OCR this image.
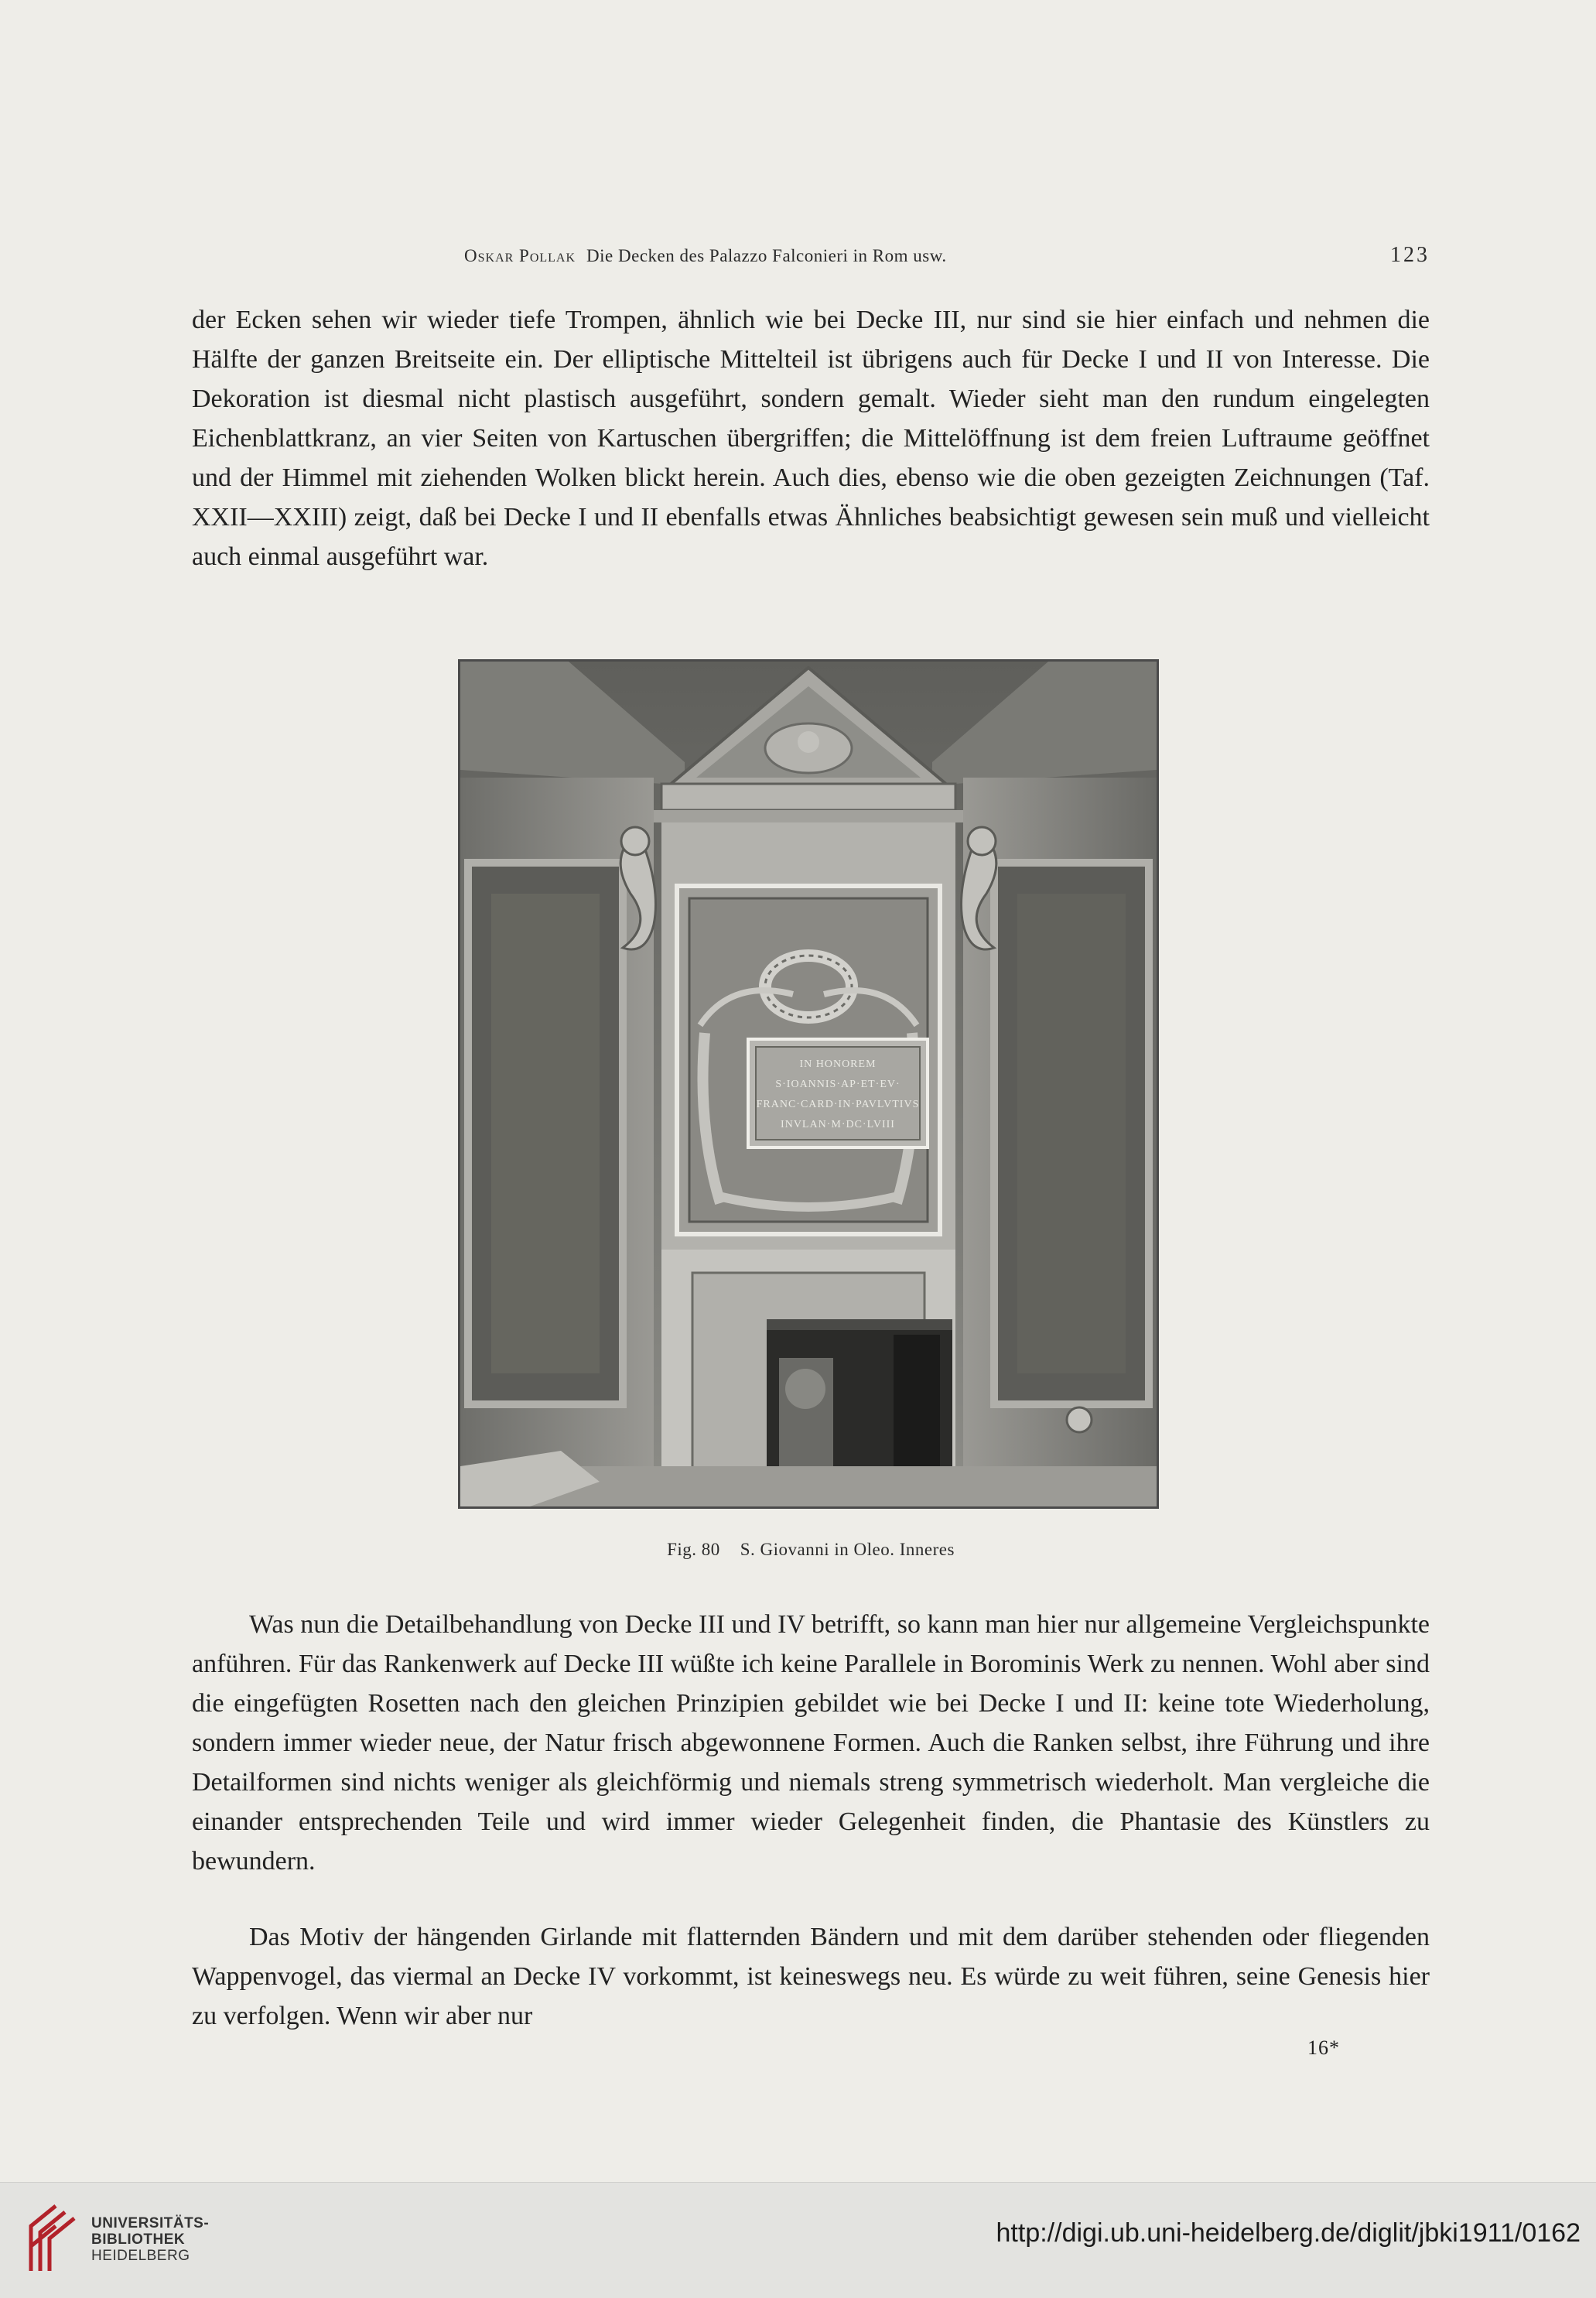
Oskar Pollak Die Decken des Palazzo Falconieri in Rom usw.	123
der Ecken sehen wir wieder tiefe Trompen, ähnlich wie bei Decke III, nur sind sie hier einfach und nehmen die Hälfte der ganzen Breitseite ein. Der elliptische Mittelteil ist übrigens auch für Decke I und II von Interesse. Die Dekoration ist diesmal nicht plastisch ausgeführt, sondern gemalt. Wieder sieht man den rundum eingelegten Eichenblattkranz, an vier Seiten von Kartuschen übergriffen; die Mittelöffnung ist dem freien Luftraume geöffnet und der Himmel mit ziehenden Wolken blickt herein. Auch dies, ebenso wie die oben gezeigten Zeichnungen (Taf. XXII—XXIII) zeigt, daß bei Decke I und II ebenfalls etwas Ähnliches beabsichtigt gewesen sein muß und vielleicht auch einmal ausgeführt war.
IN HONOREM
S·IOANNIS·AP·ET·EV·
FRANC·CARD·IN·PAVLVTIVS
INVLAN·M·DC·LVIII
Fig. 80 S. Giovanni in Oleo. Inneres
Was nun die Detailbehandlung von Decke III und IV betrifft, so kann man hier nur allgemeine Vergleichspunkte anführen. Für das Rankenwerk auf Decke III wüßte ich keine Parallele in Borominis Werk zu nennen. Wohl aber sind die eingefügten Rosetten nach den gleichen Prinzipien gebildet wie bei Decke I und II: keine tote Wiederholung, sondern immer wieder neue, der Natur frisch abgewonnene Formen. Auch die Ranken selbst, ihre Führung und ihre Detailformen sind nichts weniger als gleichförmig und niemals streng symmetrisch wiederholt. Man vergleiche die einander entsprechenden Teile und wird immer wieder Gelegenheit finden, die Phantasie des Künstlers zu bewundern.
Das Motiv der hängenden Girlande mit flatternden Bändern und mit dem darüber stehenden oder fliegenden Wappenvogel, das viermal an Decke IV vorkommt, ist keineswegs neu. Es würde zu weit führen, seine Genesis hier zu verfolgen. Wenn wir aber nur
16*
UNIVERSITÄTS-
BIBLIOTHEK
HEIDELBERG
http://digi.ub.uni-heidelberg.de/diglit/jbki1911/0162
